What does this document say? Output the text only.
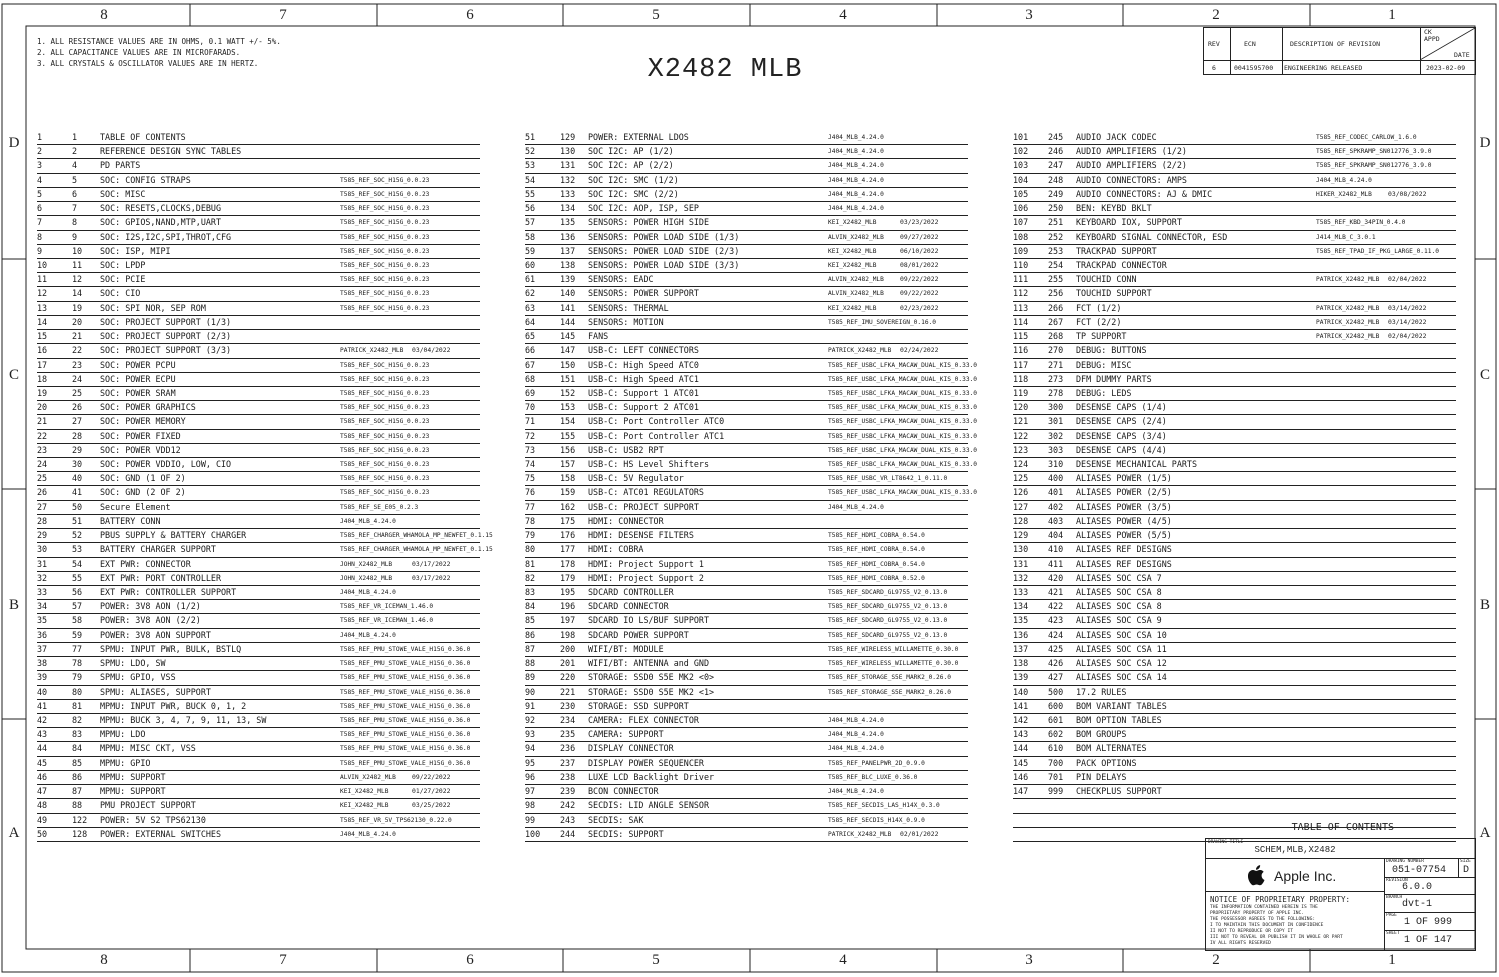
8
8
7
7
6
6
5
5
4
4
3
3
2
2
1
1
D	D
C	C
B	B
A	A
1. ALL RESISTANCE VALUES ARE IN OHMS, 0.1 WATT +/- 5%.
2. ALL CAPACITANCE VALUES ARE IN MICROFARADS.
3. ALL CRYSTALS & OSCILLATOR VALUES ARE IN HERTZ.	X2482 MLB
REV	ECN	DESCRIPTION OF REVISION
CK APPD
DATE
6	0041595700 ENGINEERING RELEASED	2023-02-09
1	1	TABLE OF CONTENTS
2	2	REFERENCE DESIGN SYNC TABLES
3	4	PD PARTS
4	5	SOC: CONFIG STRAPS	T585_REF_SOC_H15G_0.0.23
5	6	SOC: MISC	T585_REF_SOC_H15G_0.0.23
6	7	SOC: RESETS,CLOCKS,DEBUG	T585_REF_SOC_H15G_0.0.23
7	8	SOC: GPIOS,NAND,MTP,UART	T585_REF_SOC_H15G_0.0.23
8	9	SOC: I2S,I2C,SPI,THROT,CFG	T585_REF_SOC_H15G_0.0.23
9	10 SOC: ISP, MIPI	T585_REF_SOC_H15G_0.0.23
10	11 SOC: LPDP	T585_REF_SOC_H15G_0.0.23
11	12 SOC: PCIE	T585_REF_SOC_H15G_0.0.23
12	14 SOC: CIO	T585_REF_SOC_H15G_0.0.23
13	19 SOC: SPI NOR, SEP ROM	T585_REF_SOC_H15G_0.0.23
14	20 SOC: PROJECT SUPPORT (1/3)
15	21 SOC: PROJECT SUPPORT (2/3)
16	22 SOC: PROJECT SUPPORT (3/3)	PATRICK_X2482_MLB 03/04/2022
17	23 SOC: POWER PCPU	T585_REF_SOC_H15G_0.0.23
18	24 SOC: POWER ECPU	T585_REF_SOC_H15G_0.0.23
19	25 SOC: POWER SRAM	T585_REF_SOC_H15G_0.0.23
20	26 SOC: POWER GRAPHICS	T585_REF_SOC_H15G_0.0.23
21	27 SOC: POWER MEMORY	T585_REF_SOC_H15G_0.0.23
22	28 SOC: POWER FIXED	T585_REF_SOC_H15G_0.0.23
23	29 SOC: POWER VDD12	T585_REF_SOC_H15G_0.0.23
24	30 SOC: POWER VDDIO, LOW, CIO	T585_REF_SOC_H15G_0.0.23
25	40 SOC: GND (1 OF 2)	T585_REF_SOC_H15G_0.0.23
26	41 SOC: GND (2 OF 2)	T585_REF_SOC_H15G_0.0.23
27	50 Secure Element	T585_REF_SE_E05_0.2.3
28	51 BATTERY CONN	J404_MLB_4.24.0
29	52 PBUS SUPPLY & BATTERY CHARGER	T585_REF_CHARGER_WHAMOLA_MP_NEWFET_0.1.15
30	53 BATTERY CHARGER SUPPORT	T585_REF_CHARGER_WHAMOLA_MP_NEWFET_0.1.15
31	54 EXT PWR: CONNECTOR	JOHN_X2482_MLB	03/17/2022
32	55 EXT PWR: PORT CONTROLLER	JOHN_X2482_MLB	03/17/2022
33	56 EXT PWR: CONTROLLER SUPPORT	J404_MLB_4.24.0
34	57 POWER: 3V8 AON (1/2)	T585_REF_VR_ICEMAN_1.46.0
35	58 POWER: 3V8 AON (2/2)	T585_REF_VR_ICEMAN_1.46.0
36	59 POWER: 3V8 AON SUPPORT	J404_MLB_4.24.0
37	77 SPMU: INPUT PWR, BULK, BSTLQ	T585_REF_PMU_STOWE_VALE_H15G_0.36.0
38	78 SPMU: LDO, SW	T585_REF_PMU_STOWE_VALE_H15G_0.36.0
39	79 SPMU: GPIO, VSS	T585_REF_PMU_STOWE_VALE_H15G_0.36.0
40	80 SPMU: ALIASES, SUPPORT	T585_REF_PMU_STOWE_VALE_H15G_0.36.0
41	81 MPMU: INPUT PWR, BUCK 0, 1, 2	T585_REF_PMU_STOWE_VALE_H15G_0.36.0
42	82 MPMU: BUCK 3, 4, 7, 9, 11, 13, SW	T585_REF_PMU_STOWE_VALE_H15G_0.36.0
43	83 MPMU: LDO	T585_REF_PMU_STOWE_VALE_H15G_0.36.0
44	84 MPMU: MISC CKT, VSS	T585_REF_PMU_STOWE_VALE_H15G_0.36.0
45	85 MPMU: GPIO	T585_REF_PMU_STOWE_VALE_H15G_0.36.0
46	86 MPMU: SUPPORT	ALVIN_X2482_MLB	09/22/2022
47	87 MPMU: SUPPORT	KEI_X2482_MLB	01/27/2022
48	88 PMU PROJECT SUPPORT	KEI_X2482_MLB	03/25/2022
49	122 POWER: 5V S2 TPS62130	T585_REF_VR_5V_TPS62130_0.22.0
50	128 POWER: EXTERNAL SWITCHES	J404_MLB_4.24.0
51	129 POWER: EXTERNAL LDOS	J404_MLB_4.24.0
52	130 SOC I2C: AP (1/2)	J404_MLB_4.24.0
53	131 SOC I2C: AP (2/2)	J404_MLB_4.24.0
54	132 SOC I2C: SMC (1/2)	J404_MLB_4.24.0
55	133 SOC I2C: SMC (2/2)	J404_MLB_4.24.0
56	134 SOC I2C: AOP, ISP, SEP	J404_MLB_4.24.0
57	135 SENSORS: POWER HIGH SIDE	KEI_X2482_MLB	03/23/2022
58	136 SENSORS: POWER LOAD SIDE (1/3)	ALVIN_X2482_MLB	09/27/2022
59	137 SENSORS: POWER LOAD SIDE (2/3)	KEI_X2482_MLB	06/10/2022
60	138 SENSORS: POWER LOAD SIDE (3/3)	KEI_X2482_MLB	08/01/2022
61	139 SENSORS: EADC	ALVIN_X2482_MLB	09/22/2022
62	140 SENSORS: POWER SUPPORT	ALVIN_X2482_MLB	09/22/2022
63	141 SENSORS: THERMAL	KEI_X2482_MLB	02/23/2022
64	144 SENSORS: MOTION	T585_REF_IMU_SOVEREIGN_0.16.0
65	145 FANS
66	147 USB-C: LEFT CONNECTORS	PATRICK_X2482_MLB 02/24/2022
67	150 USB-C: High Speed ATC0	T585_REF_USBC_LFKA_MACAW_DUAL_KIS_0.33.0
68	151 USB-C: High Speed ATC1	T585_REF_USBC_LFKA_MACAW_DUAL_KIS_0.33.0
69	152 USB-C: Support 1 ATC01	T585_REF_USBC_LFKA_MACAW_DUAL_KIS_0.33.0
70	153 USB-C: Support 2 ATC01	T585_REF_USBC_LFKA_MACAW_DUAL_KIS_0.33.0
71	154 USB-C: Port Controller ATC0	T585_REF_USBC_LFKA_MACAW_DUAL_KIS_0.33.0
72	155 USB-C: Port Controller ATC1	T585_REF_USBC_LFKA_MACAW_DUAL_KIS_0.33.0
73	156 USB-C: USB2 RPT	T585_REF_USBC_LFKA_MACAW_DUAL_KIS_0.33.0
74	157 USB-C: HS Level Shifters	T585_REF_USBC_LFKA_MACAW_DUAL_KIS_0.33.0
75	158 USB-C: 5V Regulator	T585_REF_USBC_VR_LT8642_1_0.11.0
76	159 USB-C: ATC01 REGULATORS	T585_REF_USBC_LFKA_MACAW_DUAL_KIS_0.33.0
77	162 USB-C: PROJECT SUPPORT	J404_MLB_4.24.0
78	175 HDMI: CONNECTOR
79	176 HDMI: DESENSE FILTERS	T585_REF_HDMI_COBRA_0.54.0
80	177 HDMI: COBRA	T585_REF_HDMI_COBRA_0.54.0
81	178 HDMI: Project Support 1	T585_REF_HDMI_COBRA_0.54.0
82	179 HDMI: Project Support 2	T585_REF_HDMI_COBRA_0.52.0
83	195 SDCARD CONTROLLER	T585_REF_SDCARD_GL9755_V2_0.13.0
84	196 SDCARD CONNECTOR	T585_REF_SDCARD_GL9755_V2_0.13.0
85	197 SDCARD IO LS/BUF SUPPORT	T585_REF_SDCARD_GL9755_V2_0.13.0
86	198 SDCARD POWER SUPPORT	T585_REF_SDCARD_GL9755_V2_0.13.0
87	200 WIFI/BT: MODULE	T585_REF_WIRELESS_WILLAMETTE_0.30.0
88	201 WIFI/BT: ANTENNA and GND	T585_REF_WIRELESS_WILLAMETTE_0.30.0
89	220 STORAGE: SSD0 S5E MK2 <0>	T585_REF_STORAGE_S5E_MARK2_0.26.0
90	221 STORAGE: SSD0 S5E MK2 <1>	T585_REF_STORAGE_S5E_MARK2_0.26.0
91	230 STORAGE: SSD SUPPORT
92	234 CAMERA: FLEX CONNECTOR	J404_MLB_4.24.0
93	235 CAMERA: SUPPORT	J404_MLB_4.24.0
94	236 DISPLAY CONNECTOR	J404_MLB_4.24.0
95	237 DISPLAY POWER SEQUENCER	T585_REF_PANELPWR_2D_0.9.0
96	238 LUXE LCD Backlight Driver	T585_REF_BLC_LUXE_0.36.0
97	239 BCON CONNECTOR	J404_MLB_4.24.0
98	242 SECDIS: LID ANGLE SENSOR	T585_REF_SECDIS_LAS_H14X_0.3.0
99	243 SECDIS: SAK	T585_REF_SECDIS_H14X_0.9.0
100 244 SECDIS: SUPPORT	PATRICK_X2482_MLB 02/01/2022
101 245 AUDIO JACK CODEC	T585_REF_CODEC_CARLOW_1.6.0
102 246 AUDIO AMPLIFIERS (1/2)	T585_REF_SPKRAMP_SN012776_3.9.0
103 247 AUDIO AMPLIFIERS (2/2)	T585_REF_SPKRAMP_SN012776_3.9.0
104 248 AUDIO CONNECTORS: AMPS	J404_MLB_4.24.0
105 249 AUDIO CONNECTORS: AJ & DMIC	HIKER_X2482_MLB	03/08/2022
106 250 BEN: KEYBD BKLT
107 251 KEYBOARD IOX, SUPPORT	T585_REF_KBD_34PIN_0.4.0
108 252 KEYBOARD SIGNAL CONNECTOR, ESD	J414_MLB_C_3.0.1
109 253 TRACKPAD SUPPORT	T585_REF_TPAD_IF_PKG_LARGE_0.11.0
110 254 TRACKPAD CONNECTOR
111 255 TOUCHID CONN	PATRICK_X2482_MLB 02/04/2022
112 256 TOUCHID SUPPORT
113 266 FCT (1/2)	PATRICK_X2482_MLB 03/14/2022
114 267 FCT (2/2)	PATRICK_X2482_MLB 03/14/2022
115 268 TP SUPPORT	PATRICK_X2482_MLB 02/04/2022
116 270 DEBUG: BUTTONS
117 271 DEBUG: MISC
118 273 DFM DUMMY PARTS
119 278 DEBUG: LEDS
120 300 DESENSE CAPS (1/4)
121 301 DESENSE CAPS (2/4)
122 302 DESENSE CAPS (3/4)
123 303 DESENSE CAPS (4/4)
124 310 DESENSE MECHANICAL PARTS
125 400 ALIASES POWER (1/5)
126 401 ALIASES POWER (2/5)
127 402 ALIASES POWER (3/5)
128 403 ALIASES POWER (4/5)
129 404 ALIASES POWER (5/5)
130 410 ALIASES REF DESIGNS
131 411 ALIASES REF DESIGNS
132 420 ALIASES SOC CSA 7
133 421 ALIASES SOC CSA 8
134 422 ALIASES SOC CSA 8
135 423 ALIASES SOC CSA 9
136 424 ALIASES SOC CSA 10
137 425 ALIASES SOC CSA 11
138 426 ALIASES SOC CSA 12
139 427 ALIASES SOC CSA 14
140 500 17.2 RULES
141 600 BOM VARIANT TABLES
142 601 BOM OPTION TABLES
143 602 BOM GROUPS
144 610 BOM ALTERNATES
145 700 PACK OPTIONS
146 701 PIN DELAYS
147 999 CHECKPLUS SUPPORT
TABLE OF CONTENTS
DRAWING TITLE
SCHEM,MLB,X2482
Apple Inc.
NOTICE OF PROPRIETARY PROPERTY:
THE INFORMATION CONTAINED HEREIN IS THE
PROPRIETARY PROPERTY OF APPLE INC.
THE POSSESSOR AGREES TO THE FOLLOWING:
I TO MAINTAIN THIS DOCUMENT IN CONFIDENCE
II NOT TO REPRODUCE OR COPY IT
III NOT TO REVEAL OR PUBLISH IT IN WHOLE OR PART
IV ALL RIGHTS RESERVED
DRAWING NUMBER
051-07754
SIZE
D
REVISION
6.0.0
BRANCH
dvt-1
PAGE
1 OF 999
SHEET
1 OF 147
